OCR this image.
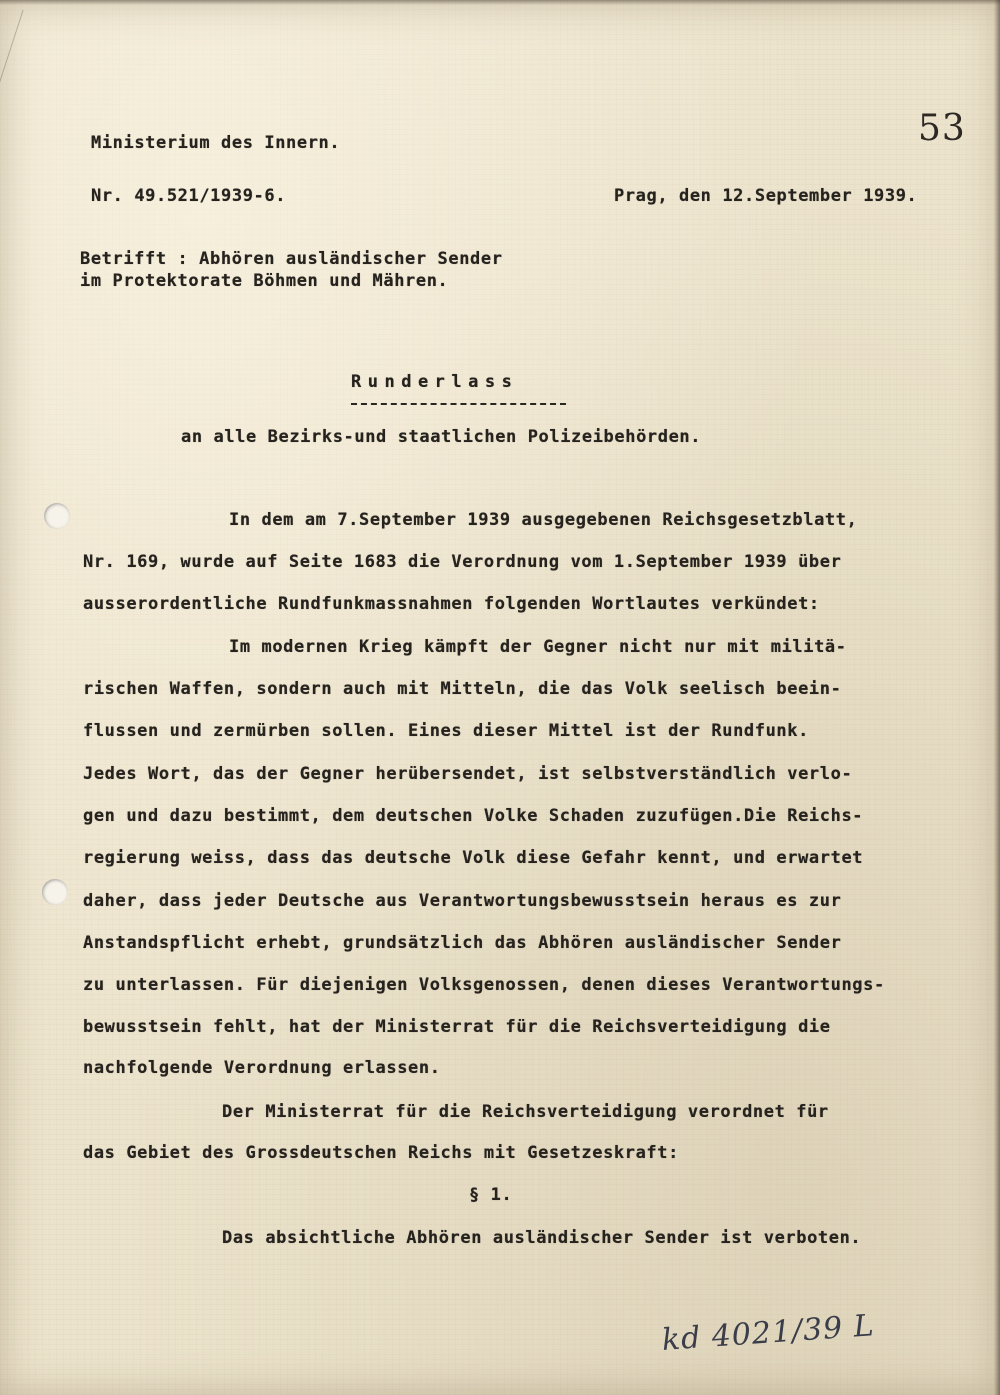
53
Ministerium des Innern.
Nr. 49.521/1939-6.	Prag, den 12.September 1939.
Betrifft : Abhören ausländischer Sender
im Protektorate Böhmen und Mähren.
Runderlass
an alle Bezirks-und staatlichen Polizeibehörden.
In dem am 7.September 1939 ausgegebenen Reichsgesetzblatt,
Nr. 169, wurde auf Seite 1683 die Verordnung vom 1.September 1939 über
ausserordentliche Rundfunkmassnahmen folgenden Wortlautes verkündet:
Im modernen Krieg kämpft der Gegner nicht nur mit militä-
rischen Waffen, sondern auch mit Mitteln, die das Volk seelisch beein-
flussen und zermürben sollen. Eines dieser Mittel ist der Rundfunk.
Jedes Wort, das der Gegner herübersendet, ist selbstverständlich verlo-
gen und dazu bestimmt, dem deutschen Volke Schaden zuzufügen.Die Reichs-
regierung weiss, dass das deutsche Volk diese Gefahr kennt, und erwartet
daher, dass jeder Deutsche aus Verantwortungsbewusstsein heraus es zur
Anstandspflicht erhebt, grundsätzlich das Abhören ausländischer Sender
zu unterlassen. Für diejenigen Volksgenossen, denen dieses Verantwortungs-
bewusstsein fehlt, hat der Ministerrat für die Reichsverteidigung die
nachfolgende Verordnung erlassen.
Der Ministerrat für die Reichsverteidigung verordnet für
das Gebiet des Grossdeutschen Reichs mit Gesetzeskraft:
§ 1.
Das absichtliche Abhören ausländischer Sender ist verboten.
kd 4021/39 L
